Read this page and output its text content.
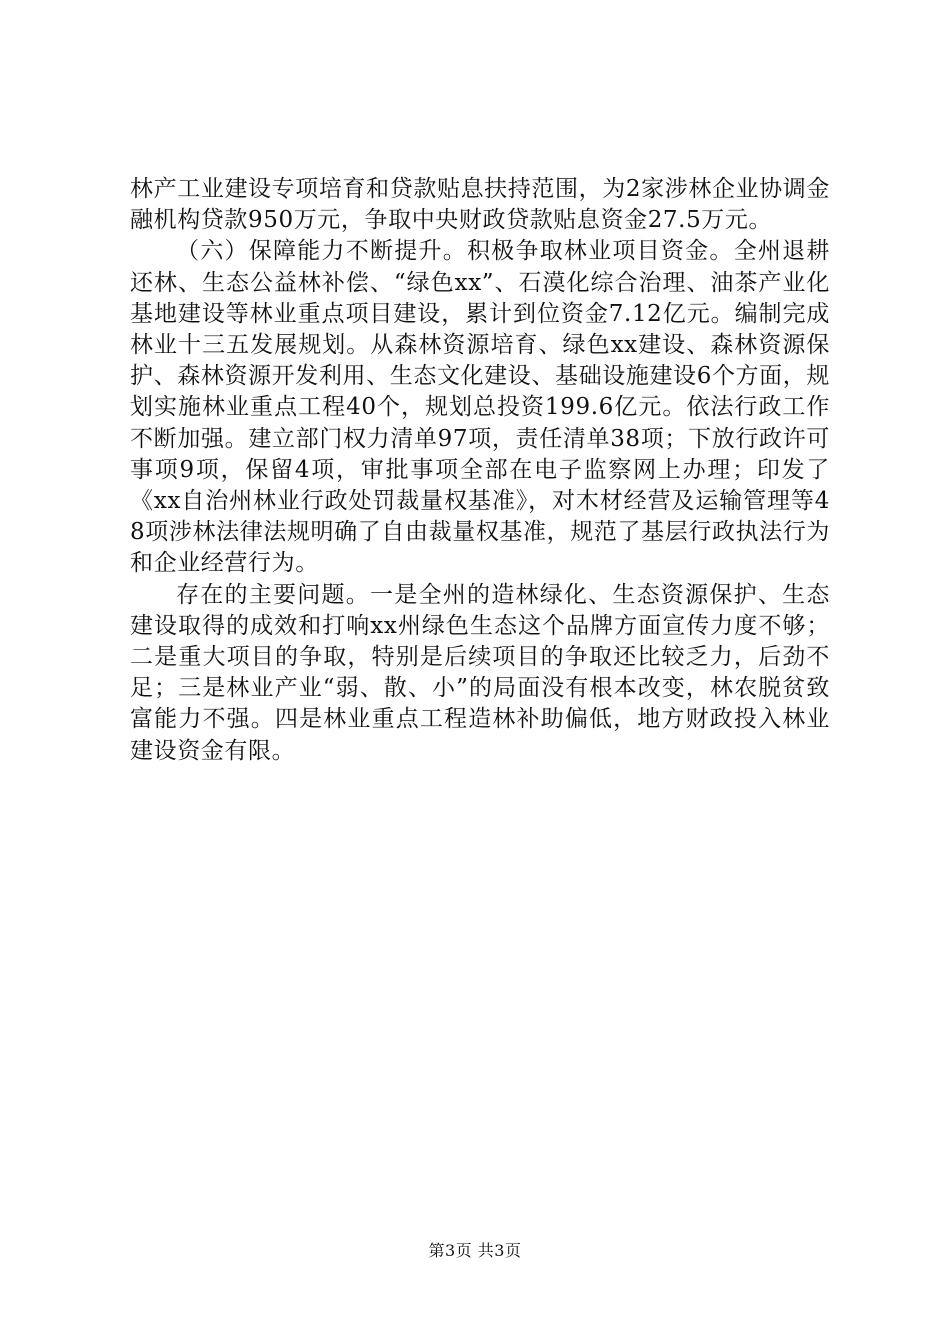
林产工业建设专项培育和贷款贴息扶持范围，为2家涉林企业协调金融机构贷款950万元，争取中央财政贷款贴息资金27.5万元。

（六）保障能力不断提升。积极争取林业项目资金。全州退耕还林、生态公益林补偿、“绿色xx”、石漠化综合治理、油茶产业化基地建设等林业重点项目建设，累计到位资金7.12亿元。编制完成林业十三五发展规划。从森林资源培育、绿色xx建设、森林资源保护、森林资源开发利用、生态文化建设、基础设施建设6个方面，规划实施林业重点工程40个，规划总投资199.6亿元。依法行政工作不断加强。建立部门权力清单97项，责任清单38项；下放行政许可事项9项，保留4项，审批事项全部在电子监察网上办理；印发了《xx自治州林业行政处罚裁量权基准》，对木材经营及运输管理等48项涉林法律法规明确了自由裁量权基准，规范了基层行政执法行为和企业经营行为。

存在的主要问题。一是全州的造林绿化、生态资源保护、生态建设取得的成效和打响xx州绿色生态这个品牌方面宣传力度不够；二是重大项目的争取，特别是后续项目的争取还比较乏力，后劲不足；三是林业产业“弱、散、小”的局面没有根本改变，林农脱贫致富能力不强。四是林业重点工程造林补助偏低，地方财政投入林业建设资金有限。

第3页 共3页
